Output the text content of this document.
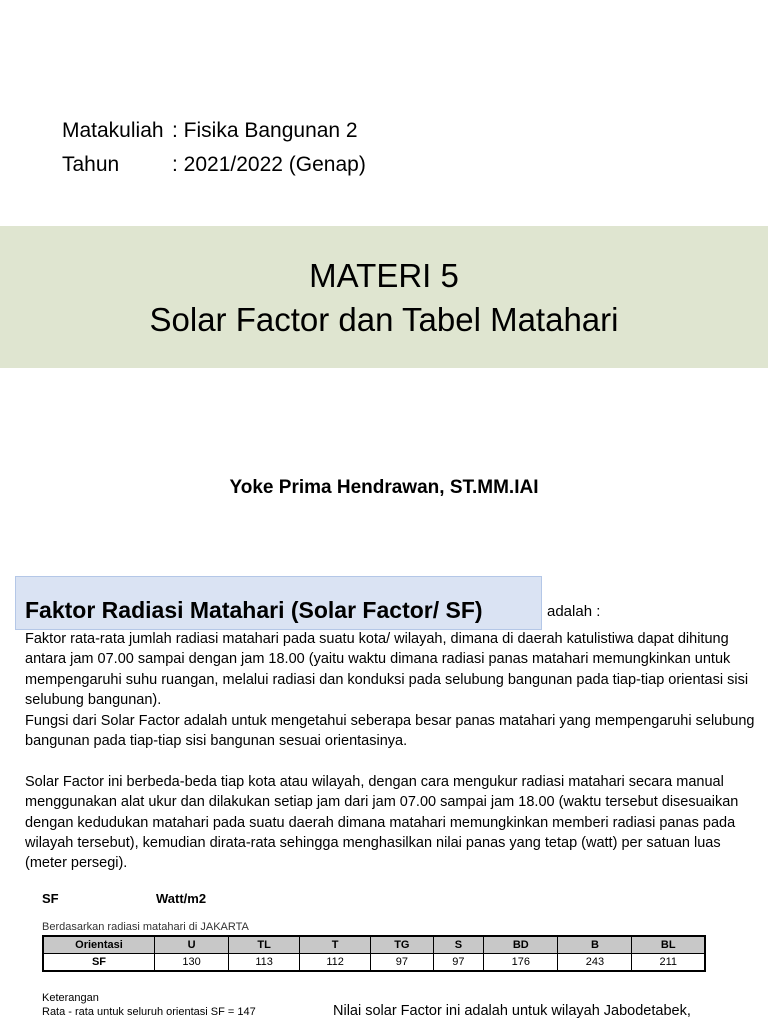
Matakuliah : Fisika Bangunan 2
Tahun	: 2021/2022 (Genap)
MATERI 5
Solar Factor dan Tabel Matahari
Yoke Prima Hendrawan, ST.MM.IAI
Faktor Radiasi Matahari (Solar Factor/ SF)	adalah :

Faktor rata-rata jumlah radiasi matahari pada suatu kota/ wilayah, dimana di daerah katulistiwa dapat dihitung antara jam 07.00 sampai dengan jam 18.00 (yaitu waktu dimana radiasi panas matahari memungkinkan untuk mempengaruhi suhu ruangan, melalui radiasi dan konduksi pada selubung bangunan pada tiap-tiap orientasi sisi selubung bangunan).

Fungsi dari Solar Factor adalah untuk mengetahui seberapa besar panas matahari yang mempengaruhi selubung bangunan pada tiap-tiap sisi bangunan sesuai orientasinya.

Solar Factor ini berbeda-beda tiap kota atau wilayah, dengan cara mengukur radiasi matahari secara manual menggunakan alat ukur dan dilakukan setiap jam dari jam 07.00 sampai jam 18.00 (waktu tersebut disesuaikan dengan kedudukan matahari pada suatu daerah dimana matahari memungkinkan memberi radiasi panas pada wilayah tersebut), kemudian dirata-rata sehingga menghasilkan nilai panas yang tetap (watt) per satuan luas (meter persegi).

SF	Watt/m2
Berdasarkan radiasi matahari di JAKARTA
Orientasi	U	TL	T	TG	S	BD	B	BL
SF	130	113	112	97	97	176	243	211
Keterangan
Rata - rata untuk seluruh orientasi SF = 147	Nilai solar Factor ini adalah untuk wilayah Jabodetabek,
